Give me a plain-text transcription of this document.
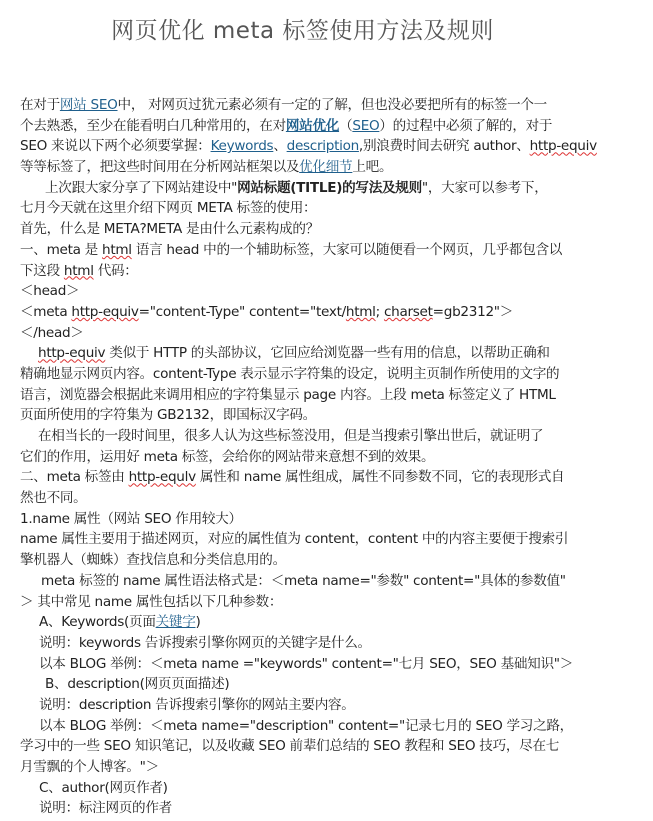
网页优化 meta 标签使用方法及规则
在对于网站 SEO中， 对网页过犹元素必须有一定的了解，但也没必要把所有的标签一个一
个去熟悉，至少在能看明白几种常用的，在对网站优化（SEO）的过程中必须了解的，对于
SEO 来说以下两个必须要掌握：Keywords、description,别浪费时间去研究 author、http-equiv
等等标签了，把这些时间用在分析网站框架以及优化细节上吧。
上次跟大家分享了下网站建设中"网站标题(TITLE)的写法及规则"，大家可以参考下，
七月今天就在这里介绍下网页 META 标签的使用：
首先，什么是 META?META 是由什么元素构成的？
一、meta 是 html 语言 head 中的一个辅助标签，大家可以随便看一个网页，几乎都包含以
下这段 html 代码：
＜head＞
＜meta http-equiv="content-Type" content="text/html; charset=gb2312"＞
＜/head＞
http-equiv 类似于 HTTP 的头部协议，它回应给浏览器一些有用的信息，以帮助正确和
精确地显示网页内容。content-Type 表示显示字符集的设定，说明主页制作所使用的文字的
语言，浏览器会根据此来调用相应的字符集显示 page 内容。上段 meta 标签定义了 HTML
页面所使用的字符集为 GB2132，即国标汉字码。
在相当长的一段时间里，很多人认为这些标签没用，但是当搜索引擎出世后，就证明了
它们的作用，运用好 meta 标签，会给你的网站带来意想不到的效果。
二、meta 标签由 http-equlv 属性和 name 属性组成，属性不同参数不同，它的表现形式自
然也不同。
1.name 属性（网站 SEO 作用较大）
name 属性主要用于描述网页，对应的属性值为 content，content 中的内容主要便于搜索引
擎机器人（蜘蛛）查找信息和分类信息用的。
meta 标签的 name 属性语法格式是：＜meta name="参数" content="具体的参数值"
＞ 其中常见 name 属性包括以下几种参数：
A、Keywords(页面关键字)
说明：keywords 告诉搜索引擎你网页的关键字是什么。
以本 BLOG 举例：＜meta name ="keywords" content="七月 SEO，SEO 基础知识"＞
B、description(网页页面描述)
说明：description 告诉搜索引擎你的网站主要内容。
以本 BLOG 举例：＜meta name="description" content="记录七月的 SEO 学习之路，
学习中的一些 SEO 知识笔记，以及收藏 SEO 前辈们总结的 SEO 教程和 SEO 技巧，尽在七
月雪飘的个人博客。"＞
C、author(网页作者)
说明：标注网页的作者
